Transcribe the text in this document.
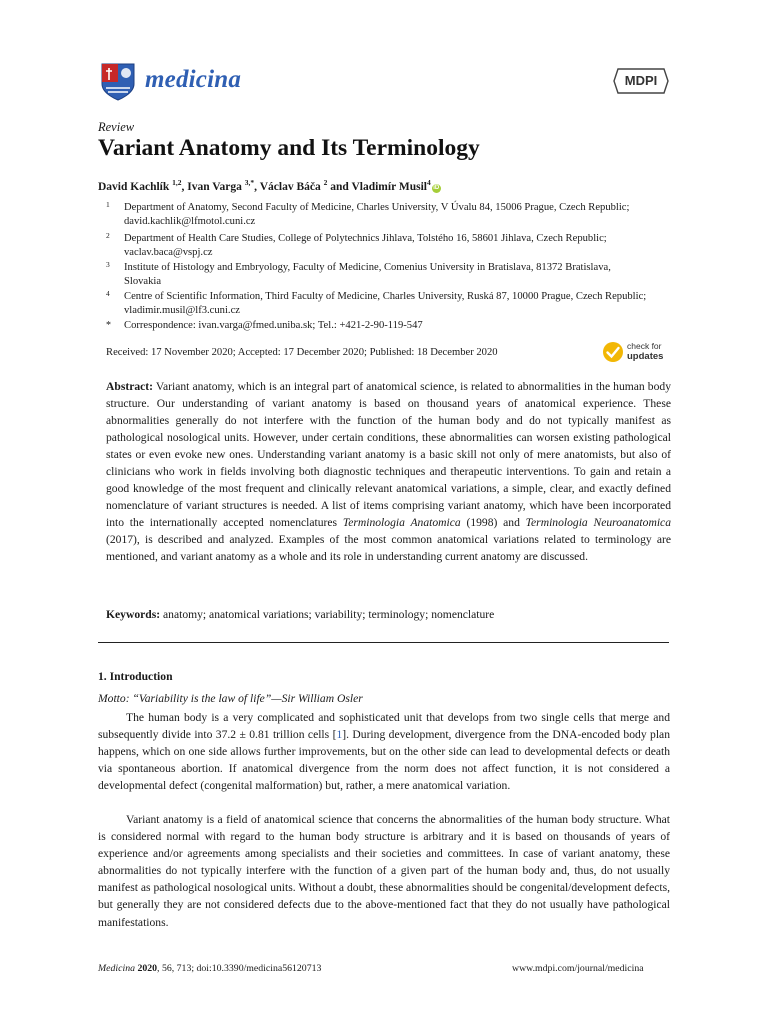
medicina	MDPI
Review
Variant Anatomy and Its Terminology
David Kachlík $^{1,2}$, Ivan Varga $^{3,*}$, Václav Báča $^2$ and Vladimír Musil$^4$iD
1 Department of Anatomy, Second Faculty of Medicine, Charles University, V Úvalu 84, 15006 Prague, Czech Republic; david.kachlik@lfmotol.cuni.cz
2 Department of Health Care Studies, College of Polytechnics Jihlava, Tolstého 16, 58601 Jihlava, Czech Republic; vaclav.baca@vspj.cz
3 Institute of Histology and Embryology, Faculty of Medicine, Comenius University in Bratislava, 81372 Bratislava, Slovakia
4 Centre of Scientific Information, Third Faculty of Medicine, Charles University, Ruská 87, 10000 Prague, Czech Republic; vladimir.musil@lf3.cuni.cz
* Correspondence: ivan.varga@fmed.uniba.sk; Tel.: +421-2-90-119-547
Received: 17 November 2020; Accepted: 17 December 2020; Published: 18 December 2020
check for
updates
Abstract: Variant anatomy, which is an integral part of anatomical science, is related to abnormalities in the human body structure. Our understanding of variant anatomy is based on thousand years of anatomical experience. These abnormalities generally do not interfere with the function of the human body and do not typically manifest as pathological nosological units. However, under certain conditions, these abnormalities can worsen existing pathological states or even evoke new ones. Understanding variant anatomy is a basic skill not only of mere anatomists, but also of clinicians who work in fields involving both diagnostic techniques and therapeutic interventions. To gain and retain a good knowledge of the most frequent and clinically relevant anatomical variations, a simple, clear, and exactly defined nomenclature of variant structures is needed. A list of items comprising variant anatomy, which have been incorporated into the internationally accepted nomenclatures Terminologia Anatomica (1998) and Terminologia Neuroanatomica (2017), is described and analyzed. Examples of the most common anatomical variations related to terminology are mentioned, and variant anatomy as a whole and its role in understanding current anatomy are discussed.
Keywords: anatomy; anatomical variations; variability; terminology; nomenclature
1. Introduction
Motto: “Variability is the law of life”—Sir William Osler
The human body is a very complicated and sophisticated unit that develops from two single cells that merge and subsequently divide into 37.2 ± 0.81 trillion cells [1]. During development, divergence from the DNA-encoded body plan happens, which on one side allows further improvements, but on the other side can lead to developmental defects or death via spontaneous abortion. If anatomical divergence from the norm does not affect function, it is not considered a developmental defect (congenital malformation) but, rather, a mere anatomical variation.
Variant anatomy is a field of anatomical science that concerns the abnormalities of the human body structure. What is considered normal with regard to the human body structure is arbitrary and it is based on thousands of years of experience and/or agreements among specialists and their societies and committees. In case of variant anatomy, these abnormalities do not typically interfere with the function of a given part of the human body and, thus, do not usually manifest as pathological nosological units. Without a doubt, these abnormalities should be congenital/development defects, but generally they are not considered defects due to the above-mentioned fact that they do not usually have pathological manifestations.
Medicina 2020, 56, 713; doi:10.3390/medicina56120713	www.mdpi.com/journal/medicina
